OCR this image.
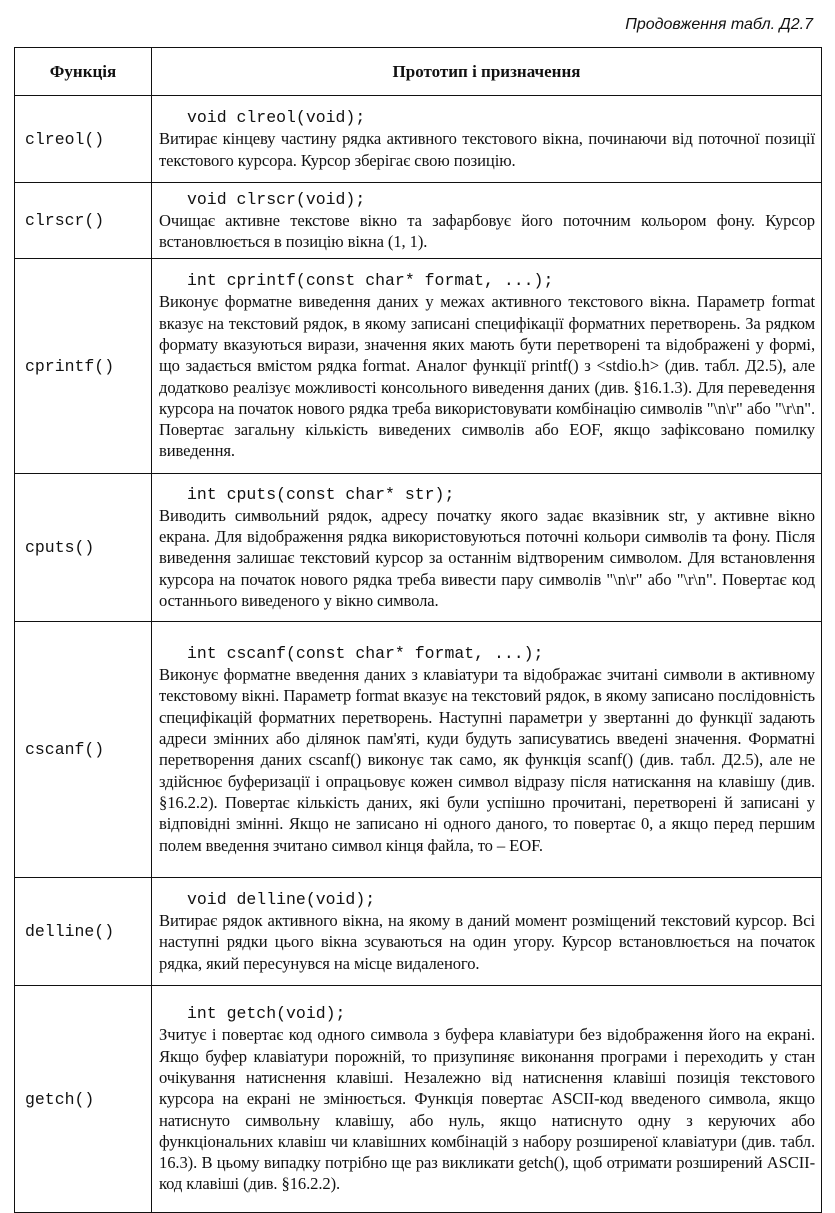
Продовження табл. Д2.7
Функція	Прототип і призначення
clreol()	void clreol(void);
Витирає кінцеву частину рядка активного текстового вікна, починаючи від поточної позиції текстового курсора. Курсор зберігає свою позицію.

clrscr()	void clrscr(void);
Очищає активне текстове вікно та зафарбовує його поточним кольором фону. Курсор встановлюється в позицію вікна (1, 1).

cprintf()	int cprintf(const char* format, ...);
Виконує форматне виведення даних у межах активного текстового вікна. Параметр format вказує на текстовий рядок, в якому записані специфікації форматних перетворень. За рядком формату вказуються вирази, значення яких мають бути перетворені та відображені у формі, що задається вмістом рядка format. Аналог функції printf() з <stdio.h> (див. табл. Д2.5), але додатково реалізує можливості консольного виведення даних (див. §16.1.3). Для переведення курсора на початок нового рядка треба використовувати комбінацію символів "\n\r" або "\r\n". Повертає загальну кількість виведених символів або EOF, якщо зафіксовано помилку виведення.

cputs()	int cputs(const char* str);
Виводить символьний рядок, адресу початку якого задає вказівник str, у активне вікно екрана. Для відображення рядка використовуються поточні кольори символів та фону. Після виведення залишає текстовий курсор за останнім відтвореним символом. Для встановлення курсора на початок нового рядка треба вивести пару символів "\n\r" або "\r\n". Повертає код останнього виведеного у вікно символа.

cscanf()	int cscanf(const char* format, ...);
Виконує форматне введення даних з клавіатури та відображає зчитані символи в активному текстовому вікні. Параметр format вказує на текстовий рядок, в якому записано послідовність специфікацій форматних перетворень. Наступні параметри у звертанні до функції задають адреси змінних або ділянок пам'яті, куди будуть записуватись введені значення. Форматні перетворення даних cscanf() виконує так само, як функція scanf() (див. табл. Д2.5), але не здійснює буферизації і опрацьовує кожен символ відразу після натискання на клавішу (див. §16.2.2). Повертає кількість даних, які були успішно прочитані, перетворені й записані у відповідні змінні. Якщо не записано ні одного даного, то повертає 0, а якщо перед першим полем введення зчитано символ кінця файла, то – EOF.

delline()	void delline(void);
Витирає рядок активного вікна, на якому в даний момент розміщений текстовий курсор. Всі наступні рядки цього вікна зсуваються на один угору. Курсор встановлюється на початок рядка, який пересунувся на місце видаленого.

getch()	int getch(void);
Зчитує і повертає код одного символа з буфера клавіатури без відображення його на екрані. Якщо буфер клавіатури порожній, то призупиняє виконання програми і переходить у стан очікування натиснення клавіші. Незалежно від натиснення клавіші позиція текстового курсора на екрані не змінюється. Функція повертає ASCII-код введеного символа, якщо натиснуто символьну клавішу, або нуль, якщо натиснуто одну з керуючих або функціональних клавіш чи клавішних комбінацій з набору розширеної клавіатури (див. табл. 16.3). В цьому випадку потрібно ще раз викликати getch(), щоб отримати розширений ASCII-код клавіші (див. §16.2.2).
